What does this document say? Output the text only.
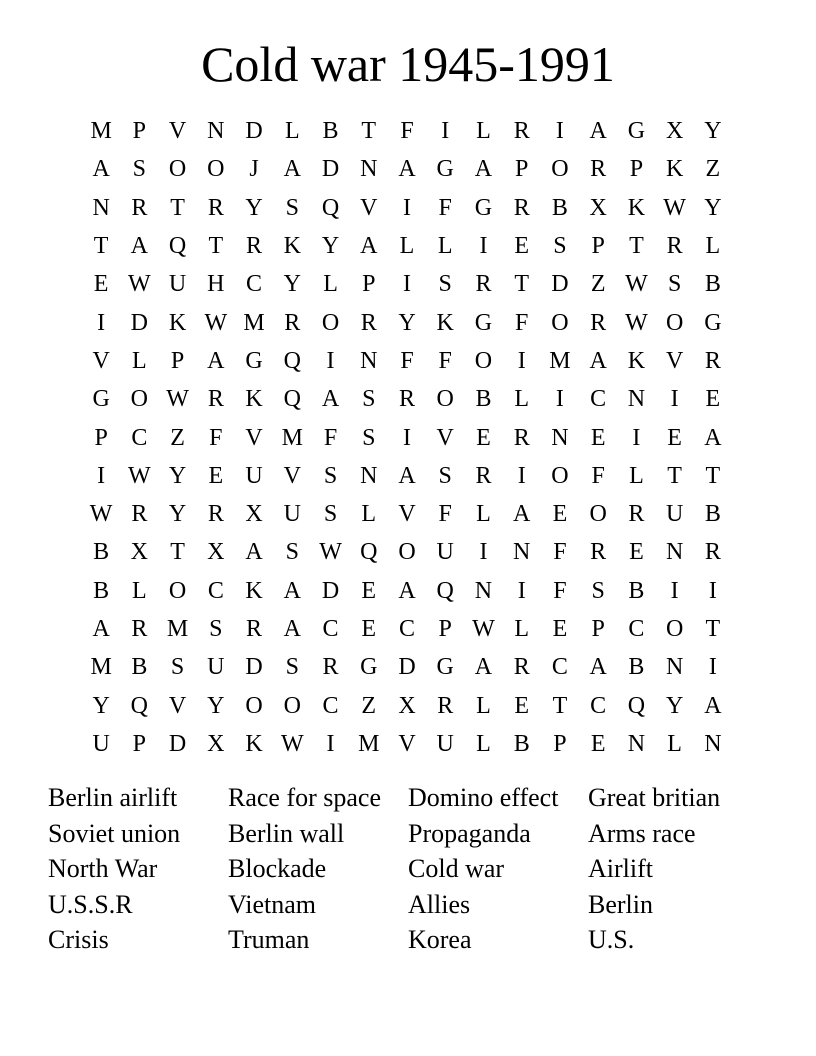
Cold war 1945-1991
M P V N D L B T	F	I	L R	I	A G X Y
A S O O	J	A D N A G A P O R P K Z
N R T R Y S Q V	I	F G R B X K W Y
T A Q T R K Y A L L	I	E	S	P	T R L
E W U H C Y L	P	I	S R T D Z W S B
I	D K W M R O R Y K G F O R W O G
V L	P A G Q	I	N F	F O	I M A K V R
G O W R K Q A S R O B L	I	C N	I	E
P C Z	F V M F	S	I	V E R N E	I	E A
I W Y E U V S N A S R	I	O F	L T T
W R Y R X U S	L V F	L A E O R U B
B X T X A S W Q O U	I	N F R E N R
B L O C K A D E A Q N	I	F	S B	I	I
A R M S R A C E C P W L E	P C O T
M B S U D S R G D G A R C A B N	I
Y Q V Y O O C Z X R L E T C Q Y A
U P D X K W I M V U L B P	E N L N
Berlin airlift	Race for space	Domino effect	Great britian
Soviet union	Berlin wall	Propaganda	Arms race
North War	Blockade	Cold war	Airlift
U.S.S.R	Vietnam	Allies	Berlin
Crisis	Truman	Korea	U.S.
